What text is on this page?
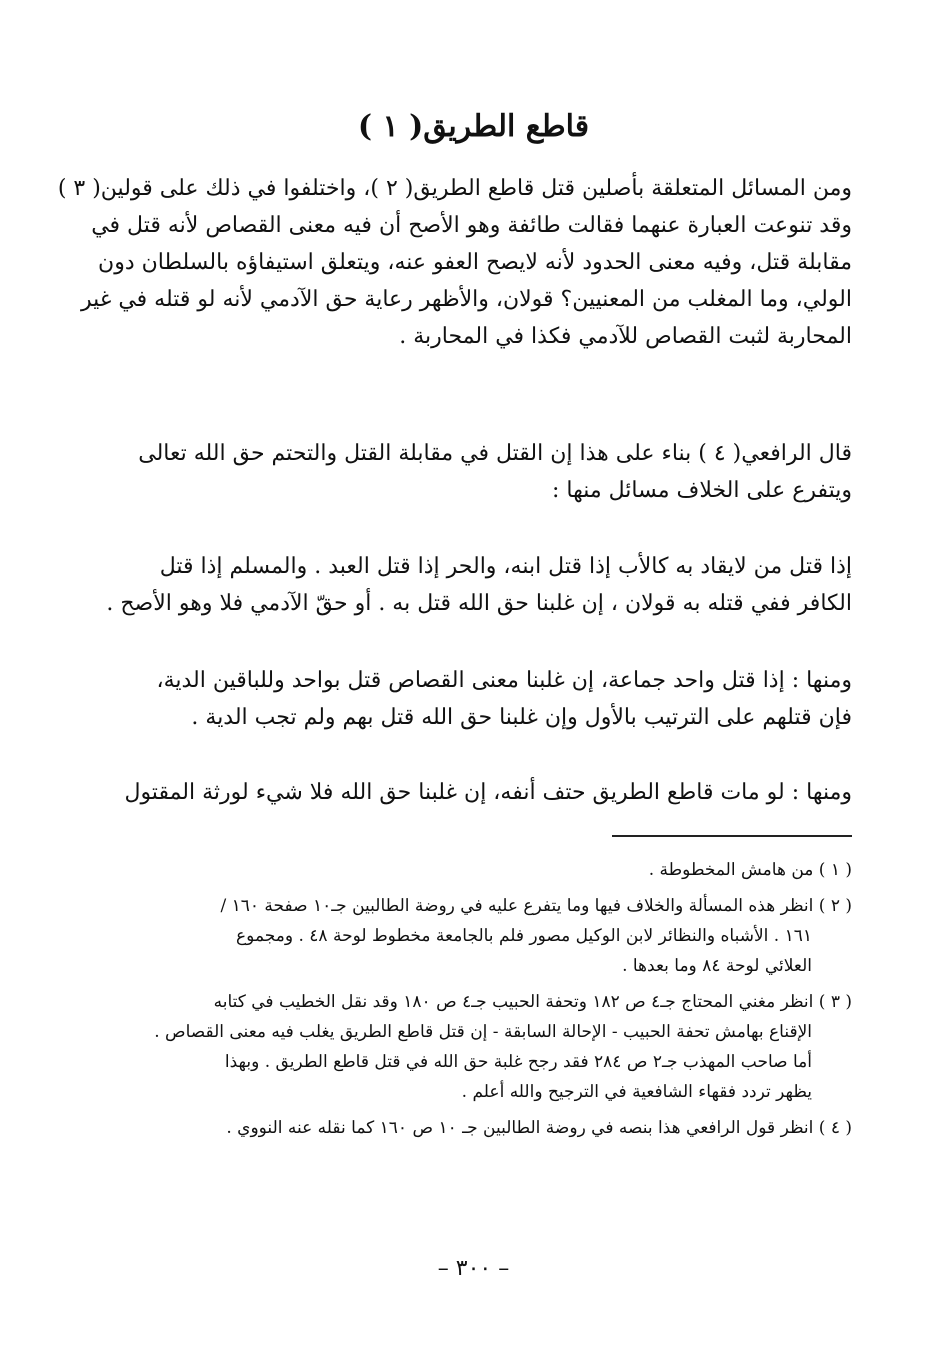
قاطع الطريق( ١ )
ومن المسائل المتعلقة بأصلين قتل قاطع الطريق( ٢ )، واختلفوا في ذلك على قولين( ٣ )
وقد تنوعت العبارة عنهما فقالت طائفة وهو الأصح أن فيه معنى القصاص لأنه قتل في
مقابلة قتل، وفيه معنى الحدود لأنه لايصح العفو عنه، ويتعلق استيفاؤه بالسلطان دون
الولي، وما المغلب من المعنيين؟ قولان، والأظهر رعاية حق الآدمي لأنه لو قتله في غير
المحاربة لثبت القصاص للآدمي فكذا في المحاربة .
قال الرافعي( ٤ ) بناء على هذا إن القتل في مقابلة القتل والتحتم حق الله تعالى
ويتفرع على الخلاف مسائل منها :
إذا قتل من لايقاد به كالأب إذا قتل ابنه، والحر إذا قتل العبد . والمسلم إذا قتل
الكافر ففي قتله به قولان ، إن غلبنا حق الله قتل به . أو حقّ الآدمي فلا وهو الأصح .
ومنها : إذا قتل واحد جماعة، إن غلبنا معنى القصاص قتل بواحد وللباقين الدية،
فإن قتلهم على الترتيب بالأول وإن غلبنا حق الله قتل بهم ولم تجب الدية .
ومنها : لو مات قاطع الطريق حتف أنفه، إن غلبنا حق الله فلا شيء لورثة المقتول
( ١ ) من هامش المخطوطة .
( ٢ ) انظر هذه المسألة والخلاف فيها وما يتفرع عليه في روضة الطالبين جـ١٠ صفحة ١٦٠ /
١٦١ . الأشباه والنظائر لابن الوكيل مصور فلم بالجامعة مخطوط لوحة ٤٨ . ومجموع
العلائي لوحة ٨٤ وما بعدها .
( ٣ ) انظر مغني المحتاج جـ٤ ص ١٨٢ وتحفة الحبيب جـ٤ ص ١٨٠ وقد نقل الخطيب في كتابه
الإقناع بهامش تحفة الحبيب - الإحالة السابقة - إن قتل قاطع الطريق يغلب فيه معنى القصاص .
أما صاحب المهذب جـ٢ ص ٢٨٤ فقد رجح غلبة حق الله في قتل قاطع الطريق . وبهذا
يظهر تردد فقهاء الشافعية في الترجيح والله أعلم .
( ٤ ) انظر قول الرافعي هذا بنصه في روضة الطالبين جـ ١٠ ص ١٦٠ كما نقله عنه النووي .
– ٣٠٠ –
